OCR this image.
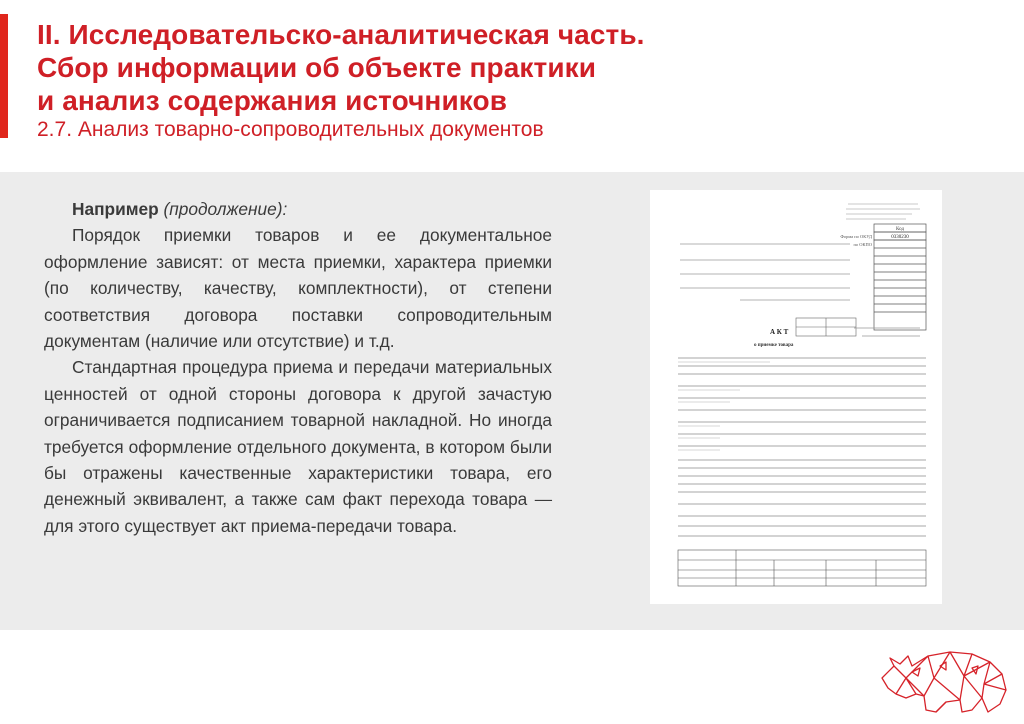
II. Исследовательско-аналитическая часть.
Сбор информации об объекте практики
и анализ содержания источников
2.7. Анализ товарно-сопроводительных документов

Например (продолжение):

Порядок приемки товаров и ее документальное оформление зависят: от места приемки, характера приемки (по количеству, качеству, комплектности), от степени соответствия договора поставки сопроводительным документам (наличие или отсутствие) и т.д.

Стандартная процедура приема и передачи материальных ценностей от одной стороны договора к другой зачастую ограничивается подписанием товарной накладной. Но иногда требуется оформление отдельного документа, в котором были бы отражены качественные характеристики товара, его денежный эквивалент, а также сам факт перехода товара — для этого существует акт приема-передачи товара.

Код
0330230
Форма по ОКУД
по ОКПО
А К Т
о приемке товара
